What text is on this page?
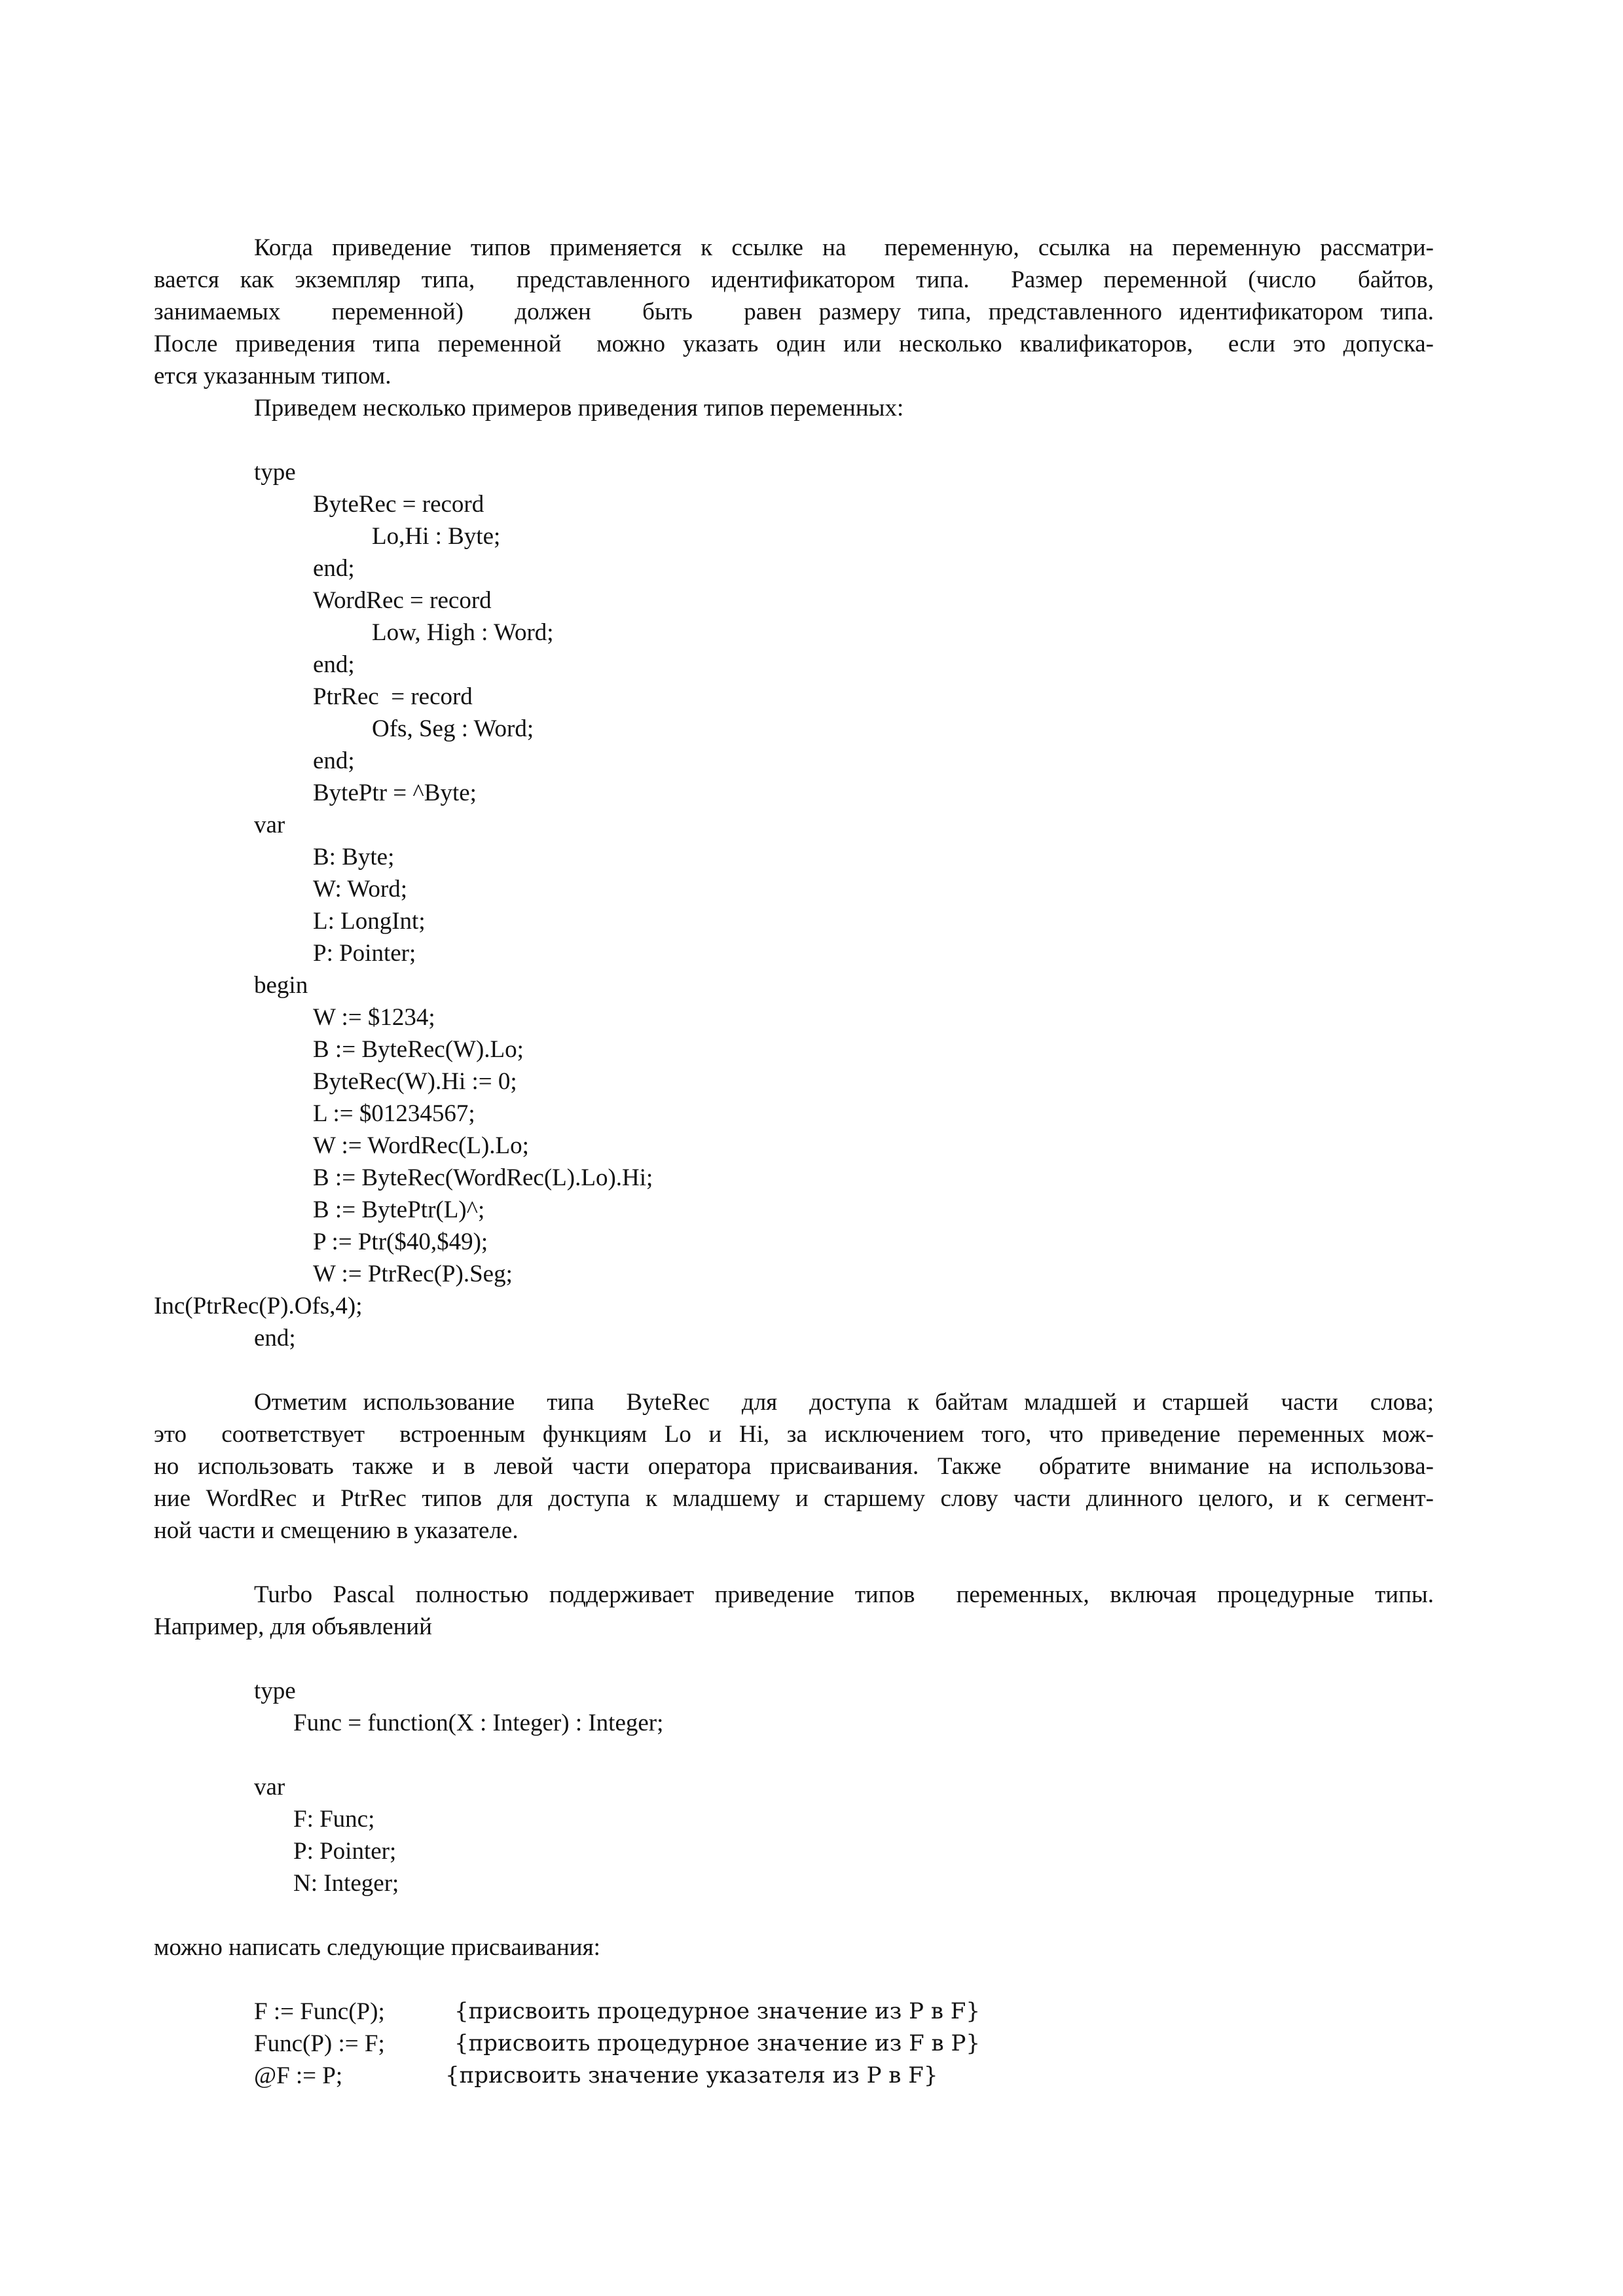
Когда приведение типов применяется к ссылке на  переменную, ссылка на переменную рассматри-
вается как экземпляр типа,  представленного идентификатором типа.  Размер переменной (число  байтов,
занимаемых   переменной)   должен   быть   равен размеру типа, представленного идентификатором типа.
После приведения типа переменной  можно указать один или несколько квалификаторов,  если это допуска-
ется указанным типом.
Приведем несколько примеров приведения типов переменных:
type
ByteRec = record
Lo,Hi : Byte;
end;
WordRec = record
Low, High : Word;
end;
PtrRec  = record
Ofs, Seg : Word;
end;
BytePtr = ^Byte;
var
B: Byte;
W: Word;
L: LongInt;
P: Pointer;
begin
W := $1234;
B := ByteRec(W).Lo;
ByteRec(W).Hi := 0;
L := $01234567;
W := WordRec(L).Lo;
B := ByteRec(WordRec(L).Lo).Hi;
B := BytePtr(L)^;
P := Ptr($40,$49);
W := PtrRec(P).Seg;
Inc(PtrRec(P).Ofs,4);
end;
Отметим использование  типа  ByteRec  для  доступа к байтам младшей и старшей  части  слова;
это  соответствует  встроенным функциям Lo и Hi, за исключением того, что приведение переменных мож-
но использовать также и в левой части оператора присваивания. Также  обратите внимание на использова-
ние WordRec и PtrRec типов для доступа к младшему и старшему слову части длинного целого, и к сегмент-
ной части и смещению в указателе.
Turbo Pascal полностью поддерживает приведение типов  переменных, включая процедурные типы.
Например, для объявлений
type
Func = function(X : Integer) : Integer;
var
F: Func;
P: Pointer;
N: Integer;
можно написать следующие присваивания:
F := Func(P);	{присвоить процедурное значение из P в F}
Func(P) := F;	{присвоить процедурное значение из F в P}
@F := P;	{присвоить значение указателя из P в F}
